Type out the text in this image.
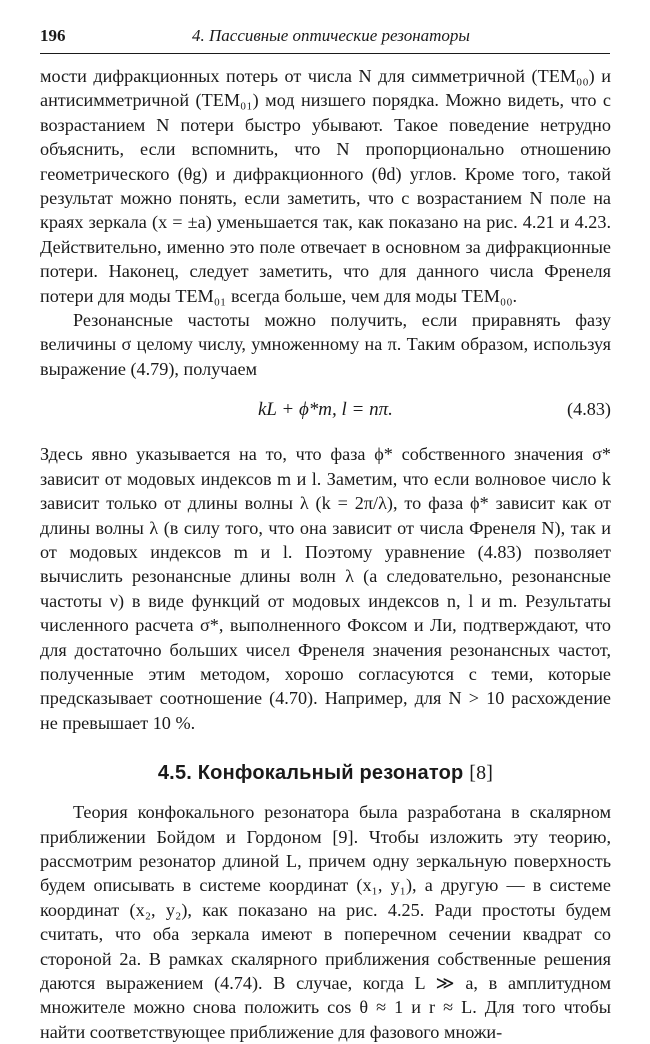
196	4. Пассивные оптические резонаторы

мости дифракционных потерь от числа N для симметричной (TEM₀₀) и антисимметричной (TEM₀₁) мод низшего порядка. Можно видеть, что с возрастанием N потери быстро убывают. Такое поведение нетрудно объяснить, если вспомнить, что N пропорционально отношению геометрического (θg) и дифракционного (θd) углов. Кроме того, такой результат можно понять, если заметить, что с возрастанием N поле на краях зеркала (x = ±a) уменьшается так, как показано на рис. 4.21 и 4.23. Действительно, именно это поле отвечает в основном за дифракционные потери. Наконец, следует заметить, что для данного числа Френеля потери для моды TEM₀₁ всегда больше, чем для моды TEM₀₀.

Резонансные частоты можно получить, если приравнять фазу величины σ целому числу, умноженному на π. Таким образом, используя выражение (4.79), получаем

kL + ϕ*m, l = nπ.	(4.83)

Здесь явно указывается на то, что фаза ϕ* собственного значения σ* зависит от модовых индексов m и l. Заметим, что если волновое число k зависит только от длины волны λ (k = 2π/λ), то фаза ϕ* зависит как от длины волны λ (в силу того, что она зависит от числа Френеля N), так и от модовых индексов m и l. Поэтому уравнение (4.83) позволяет вычислить резонансные длины волн λ (а следовательно, резонансные частоты ν) в виде функций от модовых индексов n, l и m. Результаты численного расчета σ*, выполненного Фоксом и Ли, подтверждают, что для достаточно больших чисел Френеля значения резонансных частот, полученные этим методом, хорошо согласуются с теми, которые предсказывает соотношение (4.70). Например, для N > 10 расхождение не превышает 10 %.

4.5. Конфокальный резонатор [8]

Теория конфокального резонатора была разработана в скалярном приближении Бойдом и Гордоном [9]. Чтобы изложить эту теорию, рассмотрим резонатор длиной L, причем одну зеркальную поверхность будем описывать в системе координат (x₁, y₁), а другую — в системе координат (x₂, y₂), как показано на рис. 4.25. Ради простоты будем считать, что оба зеркала имеют в поперечном сечении квадрат со стороной 2a. В рамках скалярного приближения собственные решения даются выражением (4.74). В случае, когда L ≫ a, в амплитудном множителе можно снова положить cos θ ≈ 1 и r ≈ L. Для того чтобы найти соответствующее приближение для фазового множи-
